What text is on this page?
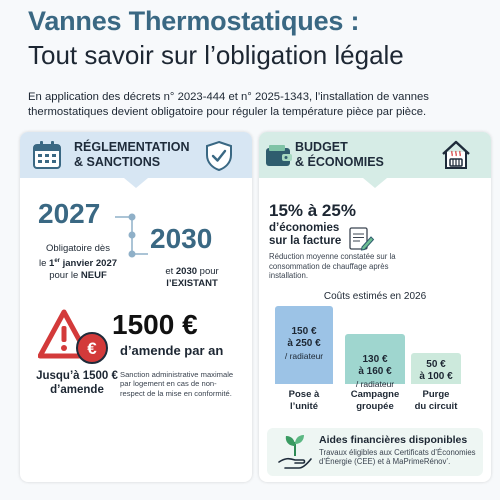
Vannes Thermostatiques :
Tout savoir sur l’obligation légale
En application des décrets n° 2023-444 et n° 2025-1343, l’installation de vannes thermostatiques devient obligatoire pour réguler la température pièce par pièce.
RÉGLEMENTATION
& SANCTIONS
2027
Obligatoire dès
le 1er janvier 2027
pour le NEUF
2030
et 2030 pour
l’EXISTANT
€
1500 €
d’amende par an
Jusqu’à 1500 € d’amende
Sanction administrative maximale par logement en cas de non-respect de la mise en conformité.
BUDGET
& ÉCONOMIES
15% à 25%
d’économies
sur la facture
Réduction moyenne constatée sur la consommation de chauffage après installation.
Coûts estimés en 2026
150 €
à 250 €
/ radiateur
Pose à
l’unité
130 €
à 160 €
/ radiateur
Campagne
groupée
50 €
à 100 €
Purge
du circuit
Aides financières disponibles
Travaux éligibles aux Certificats d’Économies d’Énergie (CEE) et à MaPrimeRénov’.
